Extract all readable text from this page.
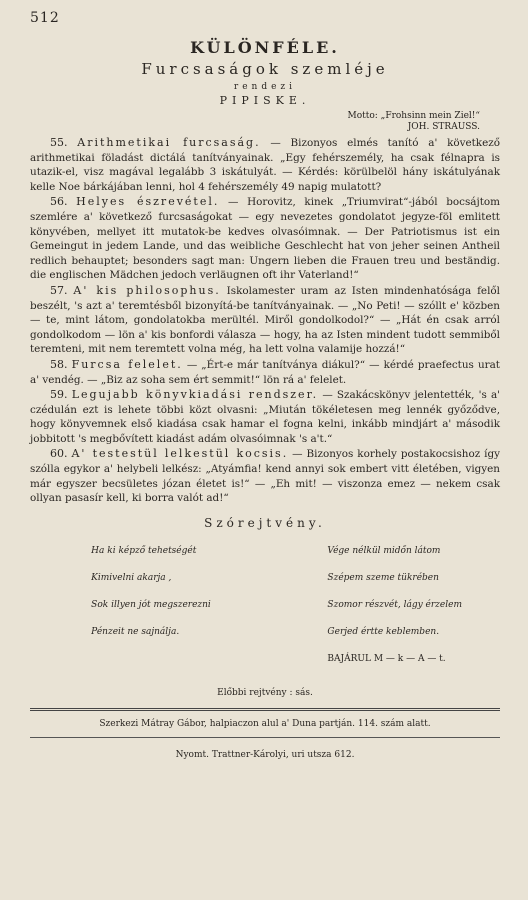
512
KÜLÖNFÉLE.
Furcsaságok szemléje
rendezi
PIPISKE.
Motto: „Frohsinn mein Ziel!“
JOH. STRAUSS.

55. Arithmetikai furcsaság. — Bizonyos elmés tanító a' következő arithmetikai föladást dictálá tanítványainak. „Egy fehérszemély, ha csak félnapra is utazik-el, visz magával legalább 3 iskátulyát. — Kérdés: körülbelöl hány iskátulyának kelle Noe bárkájában lenni, hol 4 fehérszemély 49 napig mulatott?

56. Helyes észrevétel. — Horovitz, kinek „Triumvirat“-jából bocsájtom szemlére a' következő furcsaságokat — egy nevezetes gondolatot jegyze-föl emlitett könyvében, mellyet itt mutatok-be kedves olvasóimnak. — Der Patriotismus ist ein Gemeingut in jedem Lande, und das weibliche Geschlecht hat von jeher seinen Antheil redlich behauptet; besonders sagt man: Ungern lieben die Frauen treu und beständig. die englischen Mädchen jedoch verläugnen oft ihr Vaterland!“

57. A' kis philosophus. Iskolamester uram az Isten mindenhatósága felől beszélt, 's azt a' teremtésből bizonyítá-be tanítványainak. — „No Peti! — szóllt e' közben — te, mint látom, gondolatokba merültél. Miről gondolkodol?“ — „Hát én csak arról gondolkodom — lön a' kis bonfordi válasza — hogy, ha az Isten mindent tudott semmiből teremteni, mit nem teremtett volna még, ha lett volna valamije hozzá!“

58. Furcsa felelet. — „Ért-e már tanítványa diákul?“ — kérdé praefectus urat a' vendég. — „Biz az soha sem ért semmit!“ lön rá a' felelet.

59. Legujabb könyvkiadási rendszer. — Szakácskönyv jelentették, 's a' czédulán ezt is lehete többi közt olvasni: „Miután tökéletesen meg lennék győződve, hogy könyvemnek első kiadása csak hamar el fogna kelni, inkább mindjárt a' második jobbitott 's megbővített kiadást adám olvasóimnak 's a't.“

60. A' testestül lelkestül kocsis. — Bizonyos korhely postakocsishoz így szólla egykor a' helybeli lelkész: „Atyámfia! kend annyi sok embert vitt életében, vigyen már egyszer becsületes józan életet is!“ — „Eh mit! — viszonza emez — nekem csak ollyan pasasír kell, ki borra valót ad!“

Szórejtvény.

Ha ki képző tehetségét

Kimivelni akarja ,

Sok illyen jót megszerezni

Pénzeit ne sajnálja.

Vége nélkül midőn látom

Szépem szeme tükrében

Szomor részvét, lágy érzelem

Gerjed értte keblemben.

BAJÁRUL M — k — A — t.

Előbbi rejtvény : sás.
Szerkezi Mátray Gábor, halpiaczon alul a' Duna partján. 114. szám alatt.
Nyomt. Trattner-Károlyi, uri utsza 612.
